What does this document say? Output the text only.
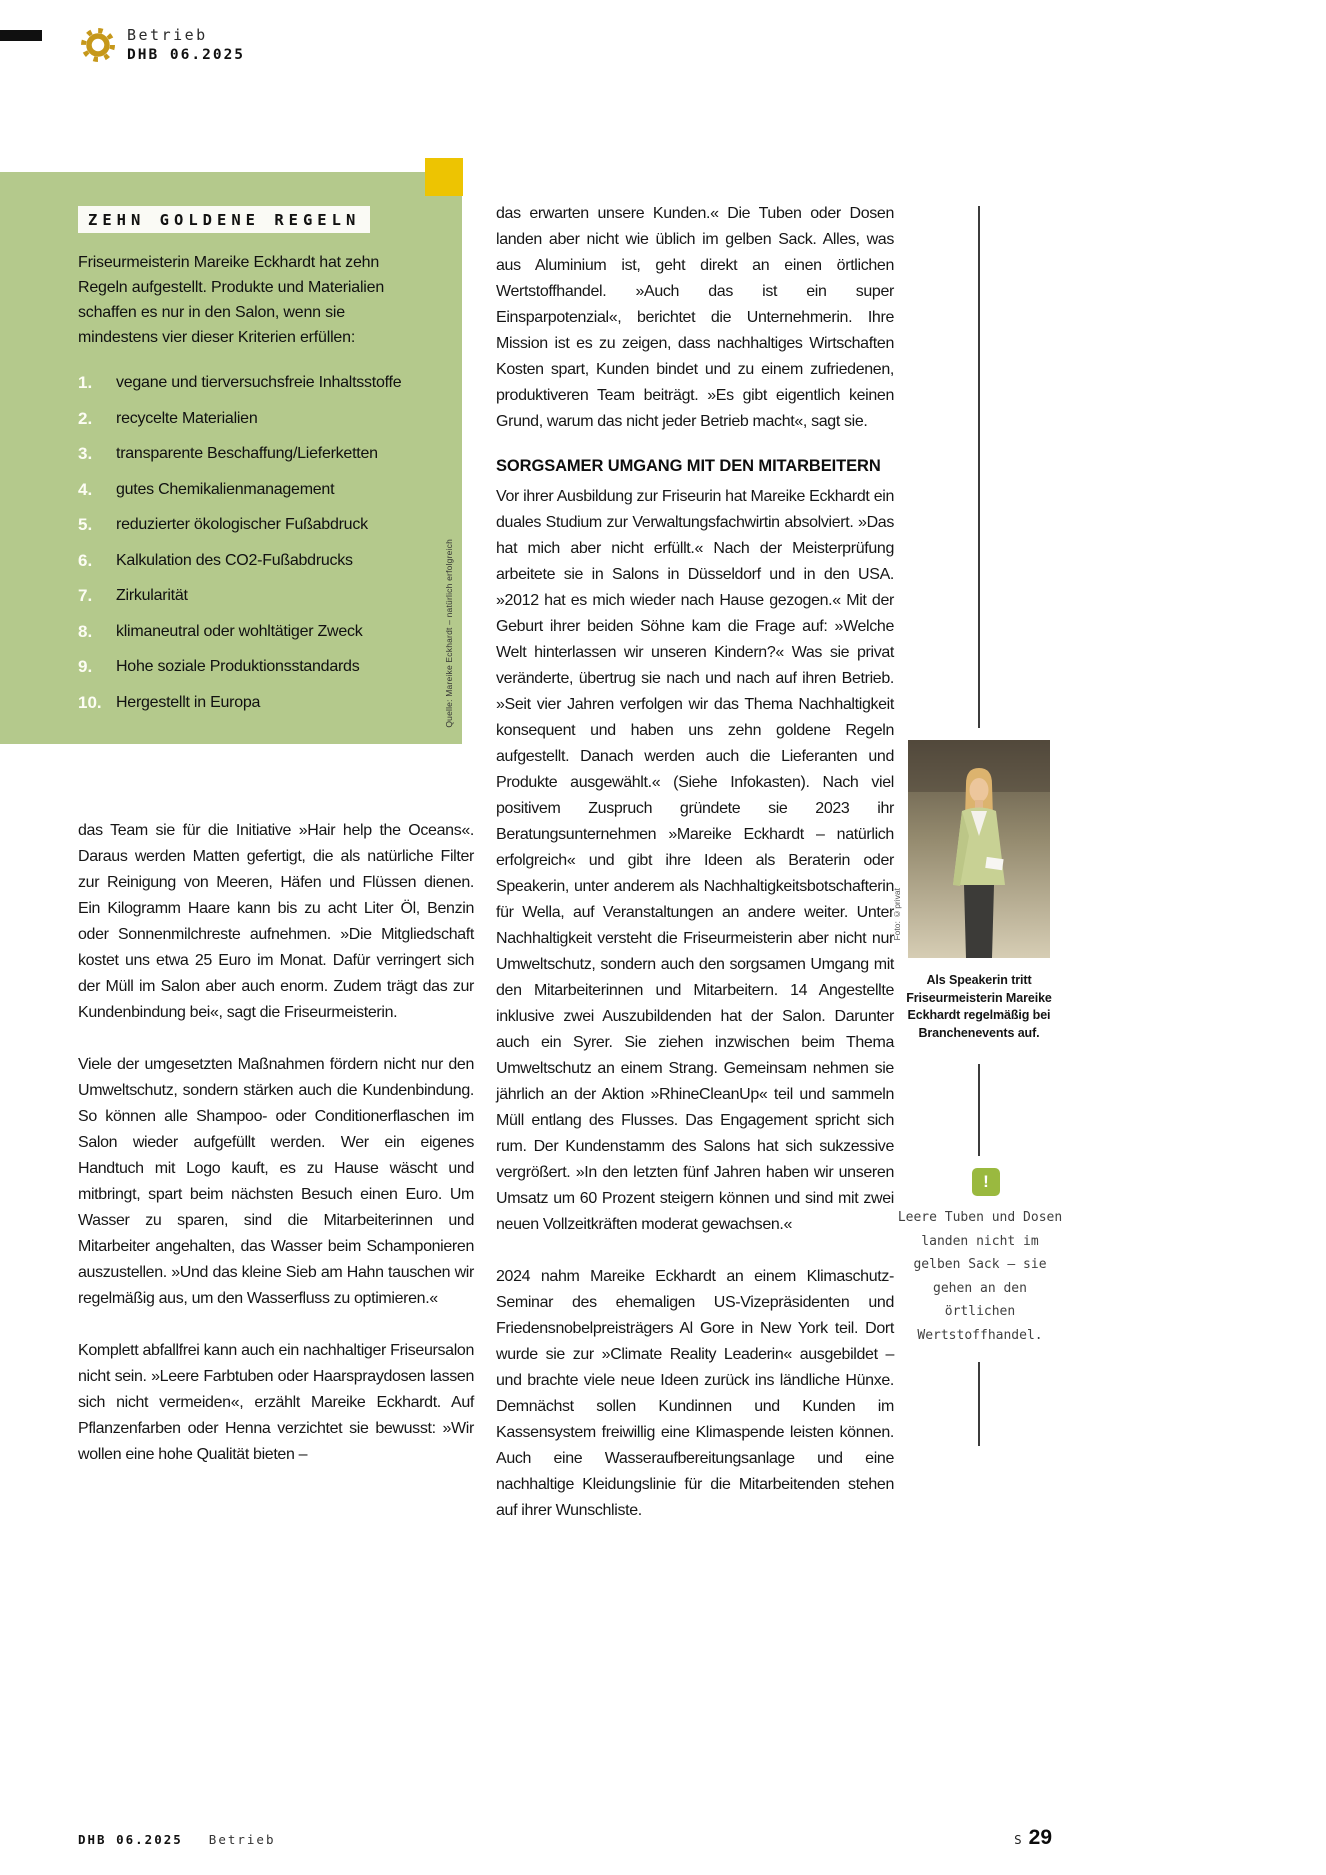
Betrieb
DHB 06.2025
ZEHN GOLDENE REGELN
Friseurmeisterin Mareike Eckhardt hat zehn Regeln aufgestellt. Produkte und Materialien schaffen es nur in den Salon, wenn sie mindestens vier dieser Kriterien erfüllen:
1.	vegane und tierversuchsfreie Inhaltsstoffe
2.	recycelte Materialien
3.	transparente Beschaffung/Lieferketten
4.	gutes Chemikalienmanagement
5.	reduzierter ökologischer Fußabdruck
6.	Kalkulation des CO2-Fußabdrucks
7.	Zirkularität
8.	klimaneutral oder wohltätiger Zweck
9.	Hohe soziale Produktionsstandards
10. Hergestellt in Europa	Quelle: Mareike Eckhardt – natürlich erfolgreich
das Team sie für die Initiative »Hair help the Oceans«. Daraus werden Matten gefertigt, die als natürliche Filter zur Reinigung von Meeren, Häfen und Flüssen dienen. Ein Kilogramm Haare kann bis zu acht Liter Öl, Benzin oder Sonnenmilchreste aufnehmen. »Die Mitgliedschaft kostet uns etwa 25 Euro im Monat. Dafür verringert sich der Müll im Salon aber auch enorm. Zudem trägt das zur Kundenbindung bei«, sagt die Friseurmeisterin.
Viele der umgesetzten Maßnahmen fördern nicht nur den Umweltschutz, sondern stärken auch die Kundenbindung. So können alle Shampoo- oder Conditionerflaschen im Salon wieder aufgefüllt werden. Wer ein eigenes Handtuch mit Logo kauft, es zu Hause wäscht und mitbringt, spart beim nächsten Besuch einen Euro. Um Wasser zu sparen, sind die Mitarbeiterinnen und Mitarbeiter angehalten, das Wasser beim Schamponieren auszustellen. »Und das kleine Sieb am Hahn tauschen wir regelmäßig aus, um den Wasserfluss zu optimieren.«
Komplett abfallfrei kann auch ein nachhaltiger Friseursalon nicht sein. »Leere Farbtuben oder Haarspraydosen lassen sich nicht vermeiden«, erzählt Mareike Eckhardt. Auf Pflanzenfarben oder Henna verzichtet sie bewusst: »Wir wollen eine hohe Qualität bieten –
das erwarten unsere Kunden.« Die Tuben oder Dosen landen aber nicht wie üblich im gelben Sack. Alles, was aus Aluminium ist, geht direkt an einen örtlichen Wertstoffhandel. »Auch das ist ein super Einsparpotenzial«, berichtet die Unternehmerin. Ihre Mission ist es zu zeigen, dass nachhaltiges Wirtschaften Kosten spart, Kunden bindet und zu einem zufriedenen, produktiveren Team beiträgt. »Es gibt eigentlich keinen Grund, warum das nicht jeder Betrieb macht«, sagt sie.
SORGSAMER UMGANG MIT DEN MITARBEITERN
Vor ihrer Ausbildung zur Friseurin hat Mareike Eckhardt ein duales Studium zur Verwaltungsfachwirtin absolviert. »Das hat mich aber nicht erfüllt.« Nach der Meisterprüfung arbeitete sie in Salons in Düsseldorf und in den USA. »2012 hat es mich wieder nach Hause gezogen.« Mit der Geburt ihrer beiden Söhne kam die Frage auf: »Welche Welt hinterlassen wir unseren Kindern?« Was sie privat veränderte, übertrug sie nach und nach auf ihren Betrieb. »Seit vier Jahren verfolgen wir das Thema Nachhaltigkeit konsequent und haben uns zehn goldene Regeln aufgestellt. Danach werden auch die Lieferanten und Produkte ausgewählt.« (Siehe Infokasten). Nach viel positivem Zuspruch gründete sie 2023 ihr Beratungsunternehmen »Mareike Eckhardt – natürlich erfolgreich« und gibt ihre Ideen als Beraterin oder Speakerin, unter anderem als Nachhaltigkeitsbotschafterin für Wella, auf Veranstaltungen an andere weiter. Unter Nachhaltigkeit versteht die Friseurmeisterin aber nicht nur Umweltschutz, sondern auch den sorgsamen Umgang mit den Mitarbeiterinnen und Mitarbeitern. 14 Angestellte inklusive zwei Auszubildenden hat der Salon. Darunter auch ein Syrer. Sie ziehen inzwischen beim Thema Umweltschutz an einem Strang. Gemeinsam nehmen sie jährlich an der Aktion »RhineCleanUp« teil und sammeln Müll entlang des Flusses. Das Engagement spricht sich rum. Der Kundenstamm des Salons hat sich sukzessive vergrößert. »In den letzten fünf Jahren haben wir unseren Umsatz um 60 Prozent steigern können und sind mit zwei neuen Vollzeitkräften moderat gewachsen.«
2024 nahm Mareike Eckhardt an einem Klimaschutz-Seminar des ehemaligen US-Vizepräsidenten und Friedensnobelpreisträgers Al Gore in New York teil. Dort wurde sie zur »Climate Reality Leaderin« ausgebildet – und brachte viele neue Ideen zurück ins ländliche Hünxe. Demnächst sollen Kundinnen und Kunden im Kassensystem freiwillig eine Klimaspende leisten können. Auch eine Wasseraufbereitungsanlage und eine nachhaltige Kleidungslinie für die Mitarbeitenden stehen auf ihrer Wunschliste.
Foto: ©privat
Als Speakerin tritt Friseurmeisterin Mareike Eckhardt regelmäßig bei Branchenevents auf.
!
Leere Tuben und Dosen landen nicht im gelben Sack – sie gehen an den örtlichen Wertstoffhandel.
DHB 06.2025 Betrieb	S 29
